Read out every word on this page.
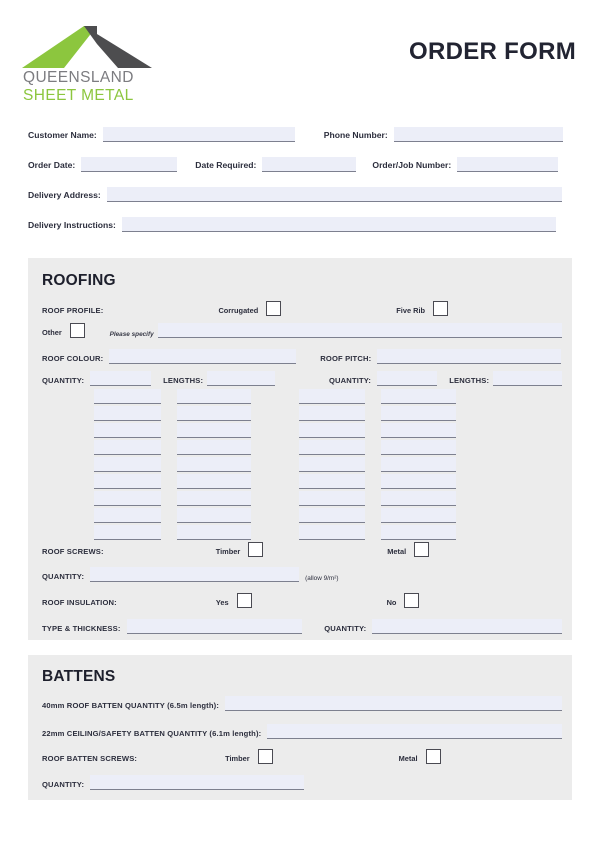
QUEENSLAND
SHEET METAL
ORDER FORM
Customer Name:	Phone Number:
Order Date:	Date Required:	Order/Job Number:
Delivery Address:
Delivery Instructions:
ROOFING
ROOF PROFILE:	Corrugated	Five Rib
Other	Please specify
ROOF COLOUR:	ROOF PITCH:
QUANTITY:	LENGTHS:	QUANTITY:	LENGTHS:
ROOF SCREWS:	Timber	Metal
QUANTITY:	(allow 9/m²)
ROOF INSULATION:	Yes	No
TYPE & THICKNESS:	QUANTITY:
BATTENS
40mm ROOF BATTEN QUANTITY (6.5m length):
22mm CEILING/SAFETY BATTEN QUANTITY (6.1m length):
ROOF BATTEN SCREWS:	Timber	Metal
QUANTITY:
